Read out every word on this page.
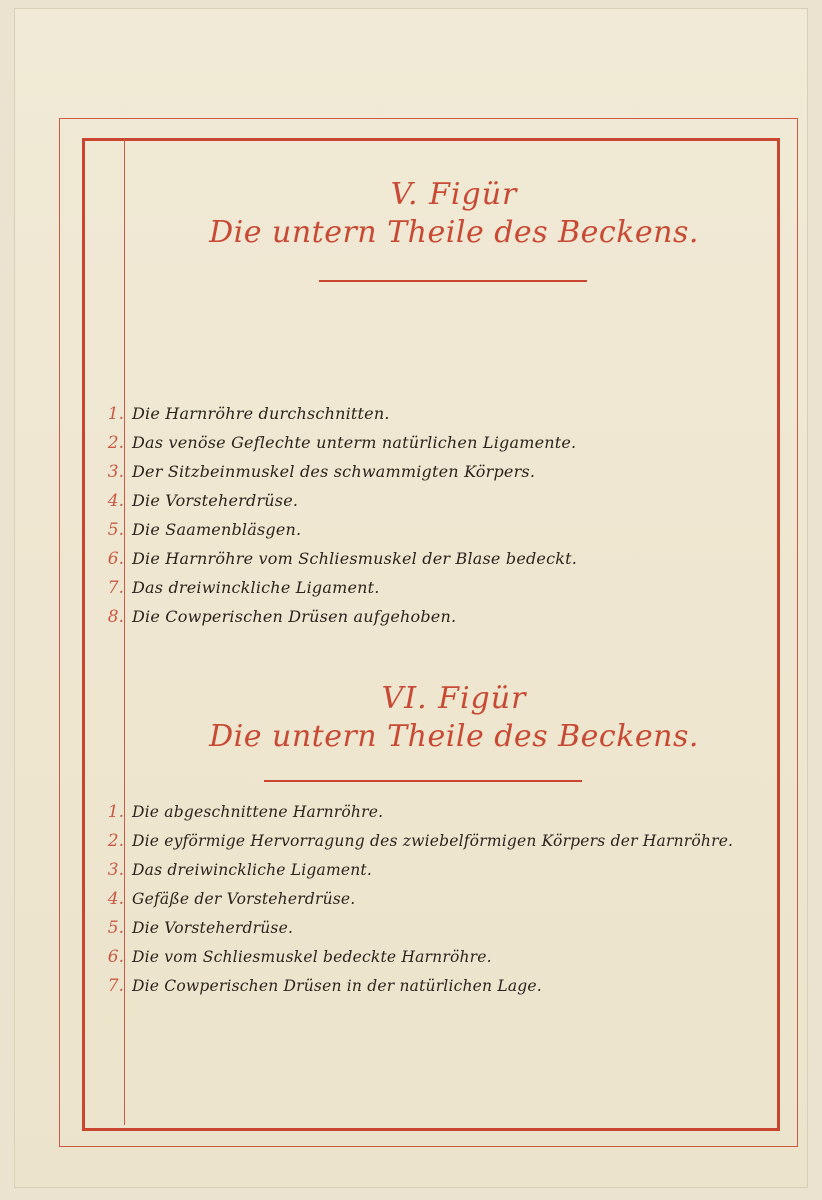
V. Figür
Die untern Theile des Beckens.
1. Die Harnröhre durchschnitten.
2. Das venöse Geflechte unterm natürlichen Ligamente.
3. Der Sitzbeinmuskel des schwammigten Körpers.
4. Die Vorsteherdrüse.
5. Die Saamenbläsgen.
6. Die Harnröhre vom Schliesmuskel der Blase bedeckt.
7. Das dreiwinckliche Ligament.
8. Die Cowperischen Drüsen aufgehoben.
VI. Figür
Die untern Theile des Beckens.
1. Die abgeschnittene Harnröhre.
2. Die eyförmige Hervorragung des zwiebelförmigen Körpers der Harnröhre.
3. Das dreiwinckliche Ligament.
4. Gefäße der Vorsteherdrüse.
5. Die Vorsteherdrüse.
6. Die vom Schliesmuskel bedeckte Harnröhre.
7. Die Cowperischen Drüsen in der natürlichen Lage.
